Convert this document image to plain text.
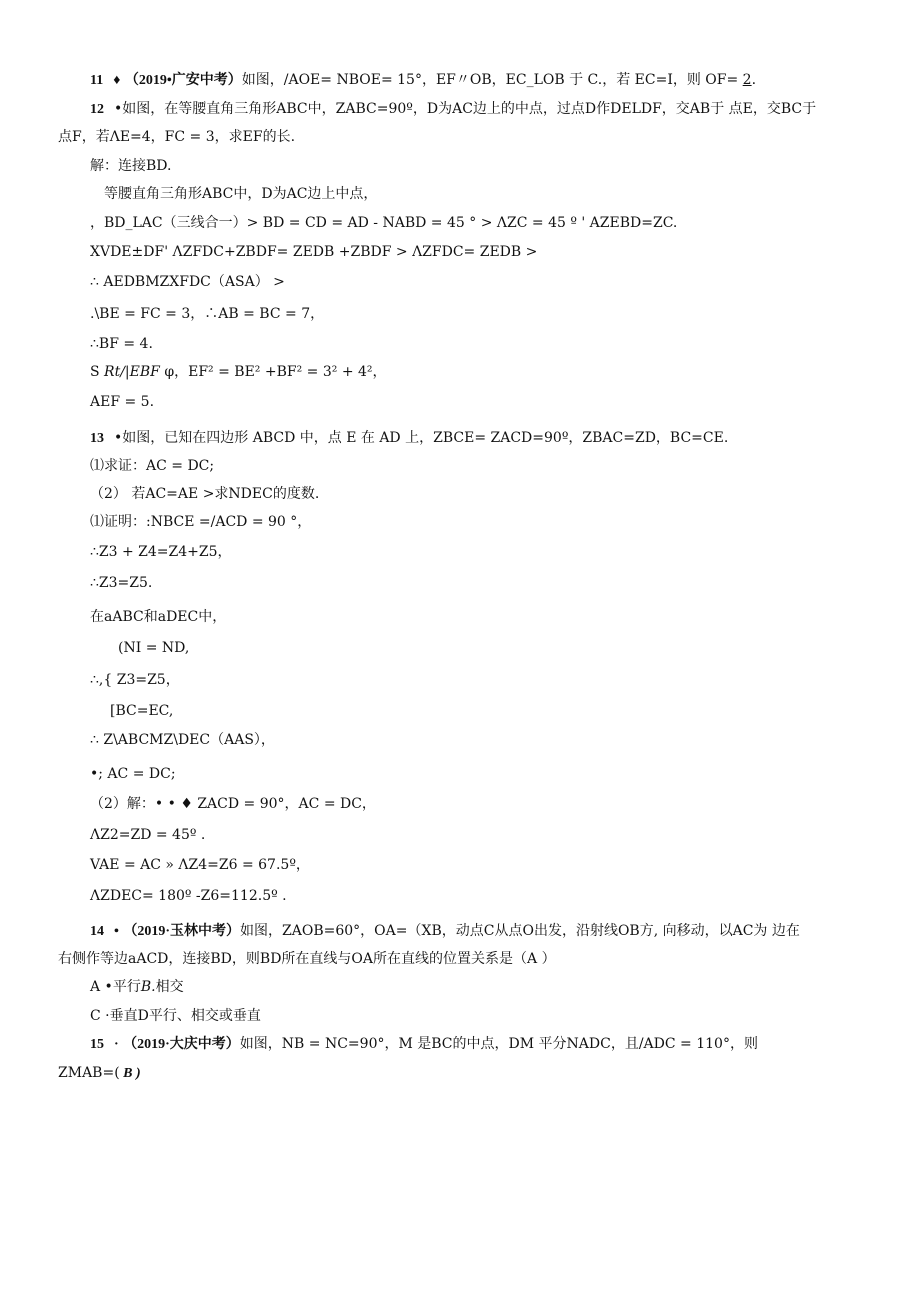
11 ♦ （2019•广安中考）如图，/AOE= NBOE= 15°，EF〃OB，EC_LOB 于 C.，若 EC=I，则 OF= 2.
12 •如图，在等腰直角三角形ABC中，ZABC=90º，D为AC边上的中点，过点D作DELDF，交AB于 点E，交BC于
点F，若ΛE=4，FC = 3，求EF的长.
解：连接BD.
等腰直角三角形ABC中，D为AC边上中点，
，BD_LAC（三线合一）> BD = CD = AD - NABD = 45 ° > ΛZC = 45 º ' AZEBD=ZC.
XVDE±DF' ΛZFDC+ZBDF= ZEDB +ZBDF > ΛZFDC= ZEDB >
∴ AEDBMZXFDC（ASA） >
.\BE = FC = 3，∴AB = BC = 7，
∴BF = 4.
S Rt∕|EBF φ，EF² = BE² +BF² = 3² + 4²，
AEF = 5.
13 •如图，已知在四边形 ABCD 中，点 E 在 AD 上，ZBCE= ZACD=90º，ZBAC=ZD，BC=CE.
⑴求证：AC = DC;
（2） 若AC=AE >求NDEC的度数.
⑴证明：:NBCE =/ACD = 90 °，
∴Z3 + Z4=Z4+Z5，
∴Z3=Z5.
在aABC和aDEC中，
(NI = ND,
∴,{ Z3=Z5，
[BC=EC,
∴ Z\ABCMZ\DEC（AAS），
•; AC = DC;
（2）解：• • ♦ ZACD = 90°，AC = DC，
ΛZ2=ZD = 45º .
VAE = AC » ΛZ4=Z6 = 67.5º，
ΛZDEC= 180º -Z6=112.5º .
14 • （2019·玉林中考）如图，ZAOB=60°，OA=（XB，动点C从点O出发，沿射线OB方, 向移动，以AC为 边在
右侧作等边aACD，连接BD，则BD所在直线与OA所在直线的位置关系是（A ）
A •平行B.相交
C ·垂直D平行、相交或垂直
15 · （2019·大庆中考）如图，NB = NC=90°，M 是BC的中点，DM 平分NADC，且/ADC = 110°，则
ZMAB=( B )
